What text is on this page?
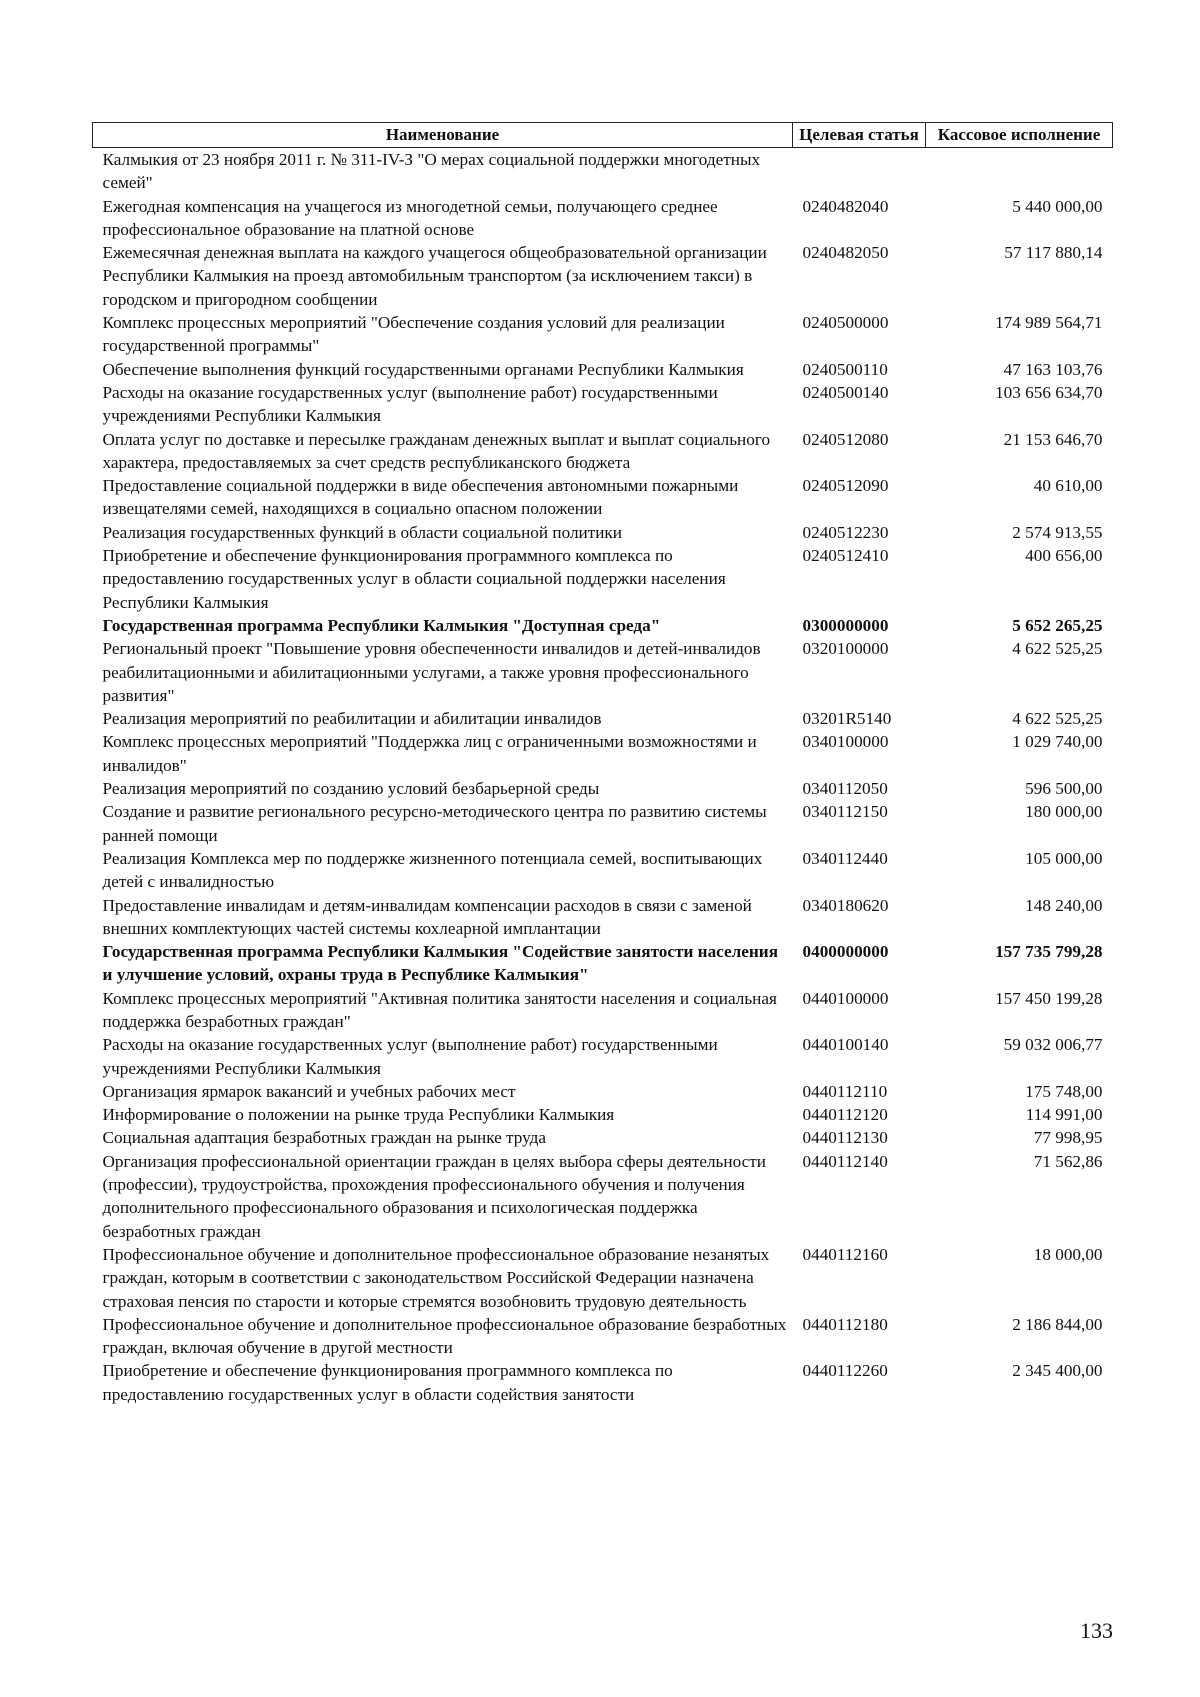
Наименование	Целевая статья	Кассовое исполнение
Калмыкия от 23 ноября 2011 г. № 311-IV-З "О мерах социальной поддержки многодетных семей"		
Ежегодная компенсация на учащегося из многодетной семьи, получающего среднее профессиональное образование на платной основе	0240482040	5 440 000,00
Ежемесячная денежная выплата на каждого учащегося общеобразовательной организации Республики Калмыкия на проезд автомобильным транспортом (за исключением такси) в городском и пригородном сообщении	0240482050	57 117 880,14
Комплекс процессных мероприятий "Обеспечение создания условий для реализации государственной программы"	0240500000	174 989 564,71
Обеспечение выполнения функций государственными органами Республики Калмыкия	0240500110	47 163 103,76
Расходы на оказание государственных услуг (выполнение работ) государственными учреждениями Республики Калмыкия	0240500140	103 656 634,70
Оплата услуг по доставке и пересылке гражданам денежных выплат и выплат социального характера, предоставляемых за счет средств республиканского бюджета	0240512080	21 153 646,70
Предоставление социальной поддержки в виде обеспечения автономными пожарными извещателями семей, находящихся в социально опасном положении	0240512090	40 610,00
Реализация государственных функций в области социальной политики	0240512230	2 574 913,55
Приобретение и обеспечение функционирования программного комплекса по предоставлению государственных услуг в области социальной поддержки населения Республики Калмыкия	0240512410	400 656,00
Государственная программа Республики Калмыкия "Доступная среда"	0300000000	5 652 265,25
Региональный проект "Повышение уровня обеспеченности инвалидов и детей-инвалидов реабилитационными и абилитационными услугами, а также уровня профессионального развития"	0320100000	4 622 525,25
Реализация мероприятий по реабилитации и абилитации инвалидов	03201R5140	4 622 525,25
Комплекс процессных мероприятий "Поддержка лиц с ограниченными возможностями и инвалидов"	0340100000	1 029 740,00
Реализация мероприятий по созданию условий безбарьерной среды	0340112050	596 500,00
Создание и развитие регионального ресурсно-методического центра по развитию системы ранней помощи	0340112150	180 000,00
Реализация Комплекса мер по поддержке жизненного потенциала семей, воспитывающих детей с инвалидностью	0340112440	105 000,00
Предоставление инвалидам и детям-инвалидам компенсации расходов в связи с заменой внешних комплектующих частей системы кохлеарной имплантации	0340180620	148 240,00
Государственная программа Республики Калмыкия "Содействие занятости населения и улучшение условий, охраны труда в Республике Калмыкия"	0400000000	157 735 799,28
Комплекс процессных мероприятий "Активная политика занятости населения и социальная поддержка безработных граждан"	0440100000	157 450 199,28
Расходы на оказание государственных услуг (выполнение работ) государственными учреждениями Республики Калмыкия	0440100140	59 032 006,77
Организация ярмарок вакансий и учебных рабочих мест	0440112110	175 748,00
Информирование о положении на рынке труда Республики Калмыкия	0440112120	114 991,00
Социальная адаптация безработных граждан на рынке труда	0440112130	77 998,95
Организация профессиональной ориентации граждан в целях выбора сферы деятельности (профессии), трудоустройства, прохождения профессионального обучения и получения дополнительного профессионального образования и психологическая поддержка безработных граждан	0440112140	71 562,86
Профессиональное обучение и дополнительное профессиональное образование незанятых граждан, которым в соответствии с законодательством Российской Федерации назначена страховая пенсия по старости и которые стремятся возобновить трудовую деятельность	0440112160	18 000,00
Профессиональное обучение и дополнительное профессиональное образование безработных граждан, включая обучение в другой местности	0440112180	2 186 844,00
Приобретение и обеспечение функционирования программного комплекса по предоставлению государственных услуг в области содействия занятости	0440112260	2 345 400,00
133
